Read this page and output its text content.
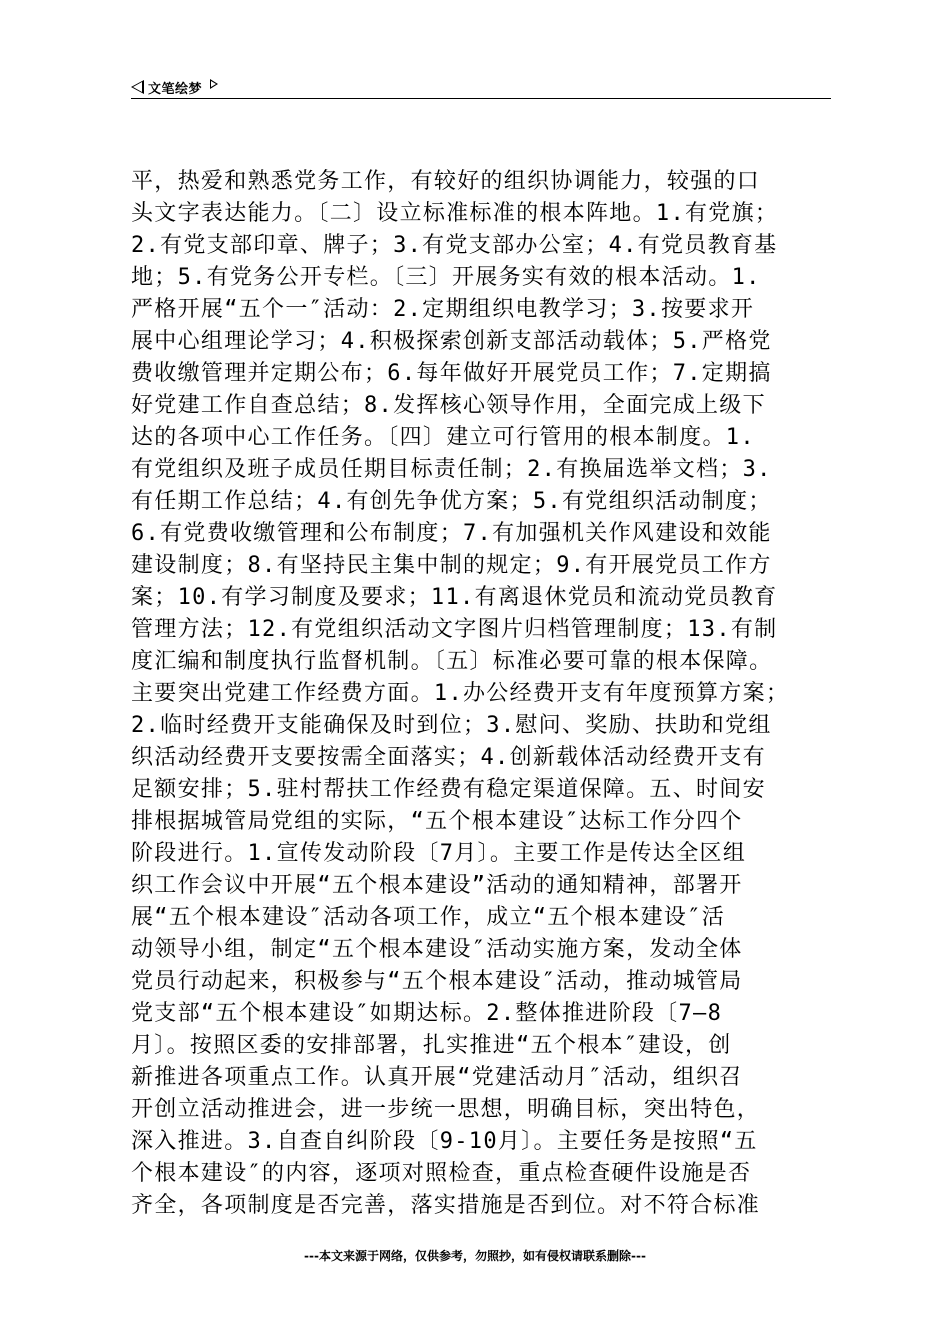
文笔绘梦
平，热爱和熟悉党务工作，有较好的组织协调能力，较强的口
头文字表达能力。〔二〕设立标准标准的根本阵地。1.有党旗；
2.有党支部印章、牌子；3.有党支部办公室；4.有党员教育基
地；5.有党务公开专栏。〔三〕开展务实有效的根本活动。1.
严格开展“五个一″活动：2.定期组织电教学习；3.按要求开
展中心组理论学习；4.积极探索创新支部活动载体；5.严格党
费收缴管理并定期公布；6.每年做好开展党员工作；7.定期搞
好党建工作自查总结；8.发挥核心领导作用，全面完成上级下
达的各项中心工作任务。〔四〕建立可行管用的根本制度。1.
有党组织及班子成员任期目标责任制；2.有换届选举文档；3.
有任期工作总结；4.有创先争优方案；5.有党组织活动制度；
6.有党费收缴管理和公布制度；7.有加强机关作风建设和效能
建设制度；8.有坚持民主集中制的规定；9.有开展党员工作方
案；10.有学习制度及要求；11.有离退休党员和流动党员教育
管理方法；12.有党组织活动文字图片归档管理制度；13.有制
度汇编和制度执行监督机制。〔五〕标准必要可靠的根本保障。
主要突出党建工作经费方面。1.办公经费开支有年度预算方案；
2.临时经费开支能确保及时到位；3.慰问、奖励、扶助和党组
织活动经费开支要按需全面落实；4.创新载体活动经费开支有
足额安排；5.驻村帮扶工作经费有稳定渠道保障。五、时间安
排根据城管局党组的实际，“五个根本建设″达标工作分四个
阶段进行。1.宣传发动阶段〔7月〕。主要工作是传达全区组
织工作会议中开展“五个根本建设”活动的通知精神，部署开
展“五个根本建设″活动各项工作，成立“五个根本建设″活
动领导小组，制定“五个根本建设″活动实施方案，发动全体
党员行动起来，积极参与“五个根本建设″活动，推动城管局
党支部“五个根本建设″如期达标。2.整体推进阶段〔7—8
月〕。按照区委的安排部署，扎实推进“五个根本″建设，创
新推进各项重点工作。认真开展“党建活动月″活动，组织召
开创立活动推进会，进一步统一思想，明确目标，突出特色，
深入推进。3.自查自纠阶段〔9-10月〕。主要任务是按照“五
个根本建设″的内容，逐项对照检查，重点检查硬件设施是否
齐全，各项制度是否完善，落实措施是否到位。对不符合标准
---本文来源于网络，仅供参考，勿照抄，如有侵权请联系删除---
